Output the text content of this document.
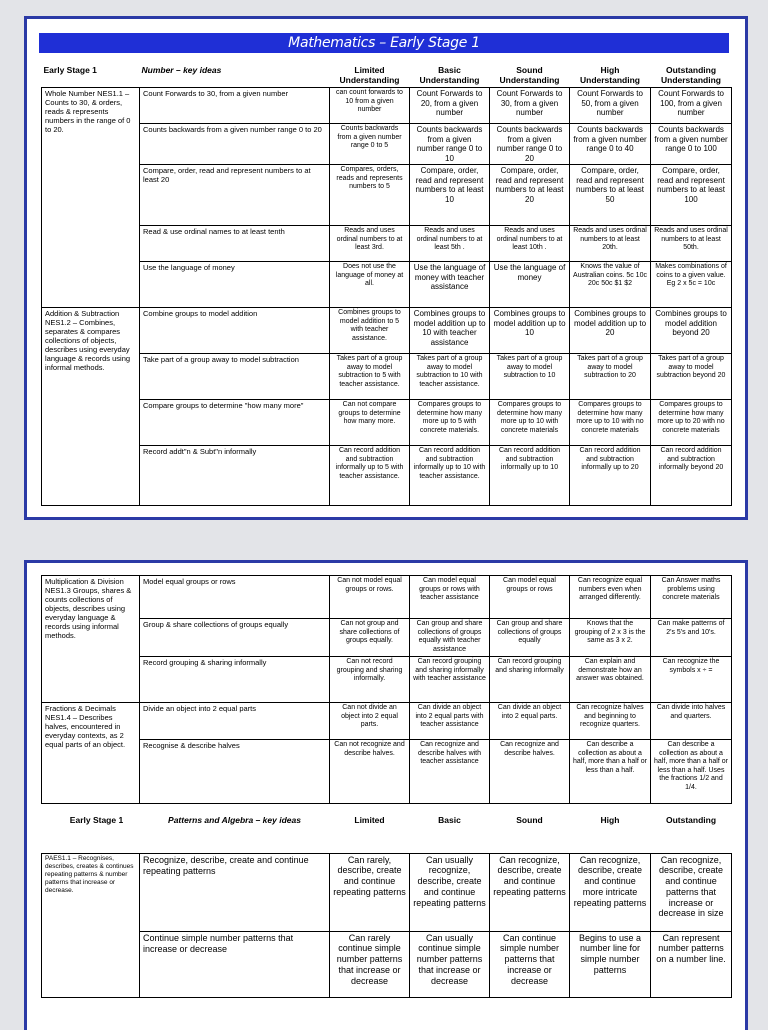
Mathematics – Early Stage 1
Early Stage 1	Number – key ideas	Limited Understanding	Basic Understanding	Sound Understanding	High Understanding	Outstanding Understanding
Whole Number NES1.1 – Counts to 30, & orders, reads & represents numbers in the range of 0 to 20.	Count Forwards to 30, from a given number	can count forwards to 10 from a given number	Count Forwards to 20, from a given number	Count Forwards to 30, from a given number	Count Forwards to 50, from a given number	Count Forwards to 100, from a given number
	Counts backwards from a given number range 0 to 20	Counts backwards from a given number range 0 to 5	Counts backwards from a given number range 0 to 10	Counts backwards from a given number range 0 to 20	Counts backwards from a given number range 0 to 40	Counts backwards from a given number range 0 to 100
	Compare, order, read and represent numbers to at least 20	Compares, orders, reads and represents numbers to 5	Compare, order, read and represent numbers to at least 10	Compare, order, read and represent numbers to at least 20	Compare, order, read and represent numbers to at least 50	Compare, order, read and represent numbers to at least 100
	Read & use ordinal names to at least tenth	Reads and uses ordinal numbers to at least 3rd.	Reads and uses ordinal numbers to at least 5th .	Reads and uses ordinal numbers to at least 10th .	Reads and uses ordinal numbers to at least 20th.	Reads and uses ordinal numbers to at least 50th.
	Use the language of money	Does not use the language of money at all.	Use the language of money with teacher assistance	Use the language of money	Knows the value of Australian coins. 5c 10c 20c 50c $1 $2	Makes combinations of coins to a given value. Eg 2 x 5c = 10c
Addition & Subtraction NES1.2 – Combines, separates & compares collections of objects, describes using everyday language & records using informal methods.	Combine groups to model addition	Combines groups to model addition to 5 with teacher assistance.	Combines groups to model addition up to 10 with teacher assistance	Combines groups to model addition up to 10	Combines groups to model addition up to 20	Combines groups to model addition beyond 20
	Take part of a group away to model subtraction	Takes part of a group away to model subtraction to 5 with teacher assistance.	Takes part of a group away to model subtraction to 10 with teacher assistance.	Takes part of a group away to model subtraction to 10	Takes part of a group away to model subtraction to 20	Takes part of a group away to model subtraction beyond 20
	Compare groups to determine "how many more"	Can not compare groups to determine how many more.	Compares groups to determine how many more up to 5 with concrete materials.	Compares groups to determine how many more up to 10 with concrete materials	Compares groups to determine how many more up to 10 with no concrete materials	Compares groups to determine how many more up to 20 with no concrete materials
	Record addt"n & Subt"n informally	Can record addition and subtraction informally up to 5 with teacher assistance.	Can record addition and subtraction informally up to 10 with teacher assistance.	Can record addition and subtraction informally up to 10	Can record addition and subtraction informally up to 20	Can record addition and subtraction informally beyond 20
Multiplication & Division NES1.3 Groups, shares & counts collections of objects, describes using everyday language & records using informal methods.	Model equal groups or rows	Can not model equal groups or rows.	Can model equal groups or rows with teacher assistance	Can model equal groups or rows	Can recognize equal numbers even when arranged differently.	Can Answer maths problems using concrete materials
	Group & share collections of groups equally	Can not group and share collections of groups equally.	Can group and share collections of groups equally with teacher assistance	Can group and share collections of groups equally	Knows that the grouping of 2 x 3 is the same as 3 x 2.	Can make patterns of 2's 5's and 10's.
	Record grouping & sharing informally	Can not record grouping and sharing informally.	Can record grouping and sharing informally with teacher assistance	Can record grouping and sharing informally	Can explain and demonstrate how an answer was obtained.	Can recognize the symbols x ÷ =
Fractions & Decimals NES1.4 – Describes halves, encountered in everyday contexts, as 2 equal parts of an object.	Divide an object into 2 equal parts	Can not divide an object into 2 equal parts.	Can divide an object into 2 equal parts with teacher assistance	Can divide an object into 2 equal parts.	Can recognize halves and beginning to recognize quarters.	Can divide into halves and quarters.
	Recognise & describe halves	Can not recognize and describe halves.	Can recognize and describe halves with teacher assistance	Can recognize and describe halves.	Can describe a collection as about a half, more than a half or less than a half.	Can describe a collection as about a half, more than a half or less than a half. Uses the fractions 1/2 and 1/4.
Early Stage 1	Patterns and Algebra – key ideas	Limited	Basic	Sound	High	Outstanding
PAES1.1 – Recognises, describes, creates & continues repeating patterns & number patterns that increase or decrease.	Recognize, describe, create and continue repeating patterns	Can rarely, describe, create and continue repeating patterns	Can usually recognize, describe, create and continue repeating patterns	Can recognize, describe, create and continue repeating patterns	Can recognize, describe, create and continue more intricate repeating patterns	Can recognize, describe, create and continue patterns that increase or decrease in size
	Continue simple number patterns that increase or decrease	Can rarely continue simple number patterns that increase or decrease	Can usually continue simple number patterns that increase or decrease	Can continue simple number patterns that increase or decrease	Begins to use a number line for simple number patterns	Can represent number patterns on a number line.
